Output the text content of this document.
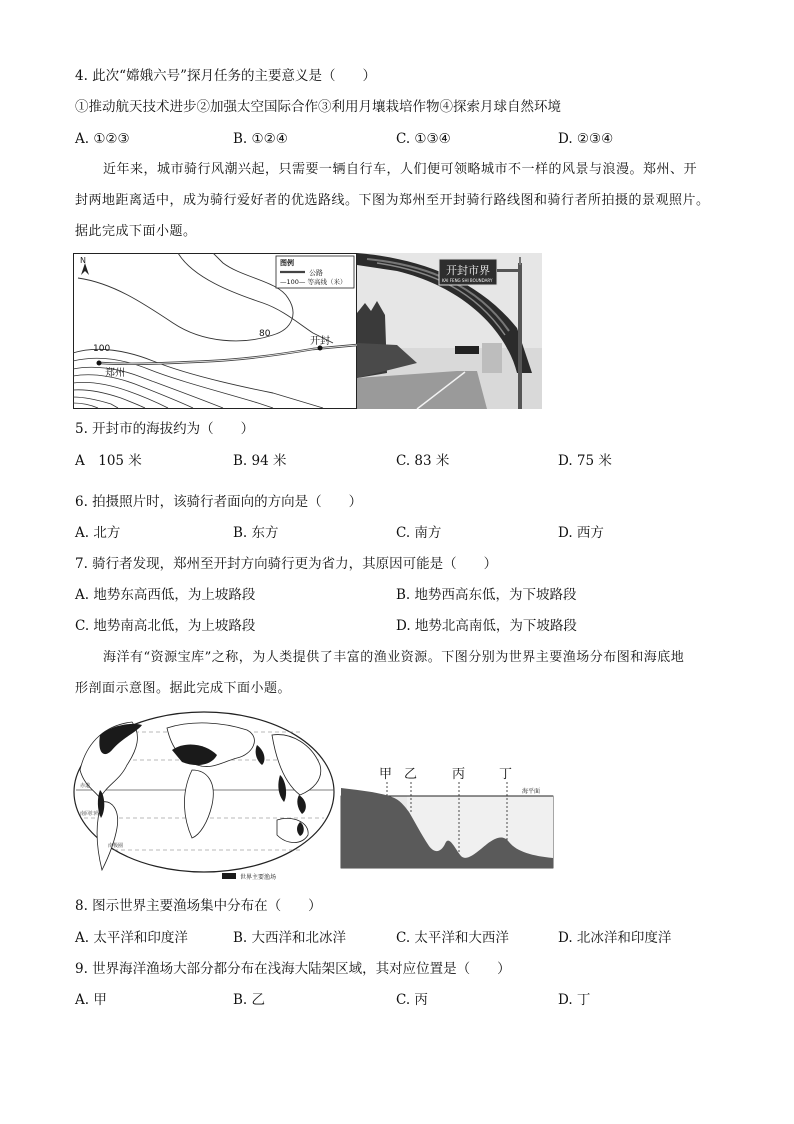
4. 此次“嫦娥六号”探月任务的主要意义是（　　）
①推动航天技术进步②加强太空国际合作③利用月壤栽培作物④探索月球自然环境
A. ①②③	B. ①②④	C. ①③④	D. ②③④
近年来，城市骑行风潮兴起，只需要一辆自行车，人们便可领略城市不一样的风景与浪漫。郑州、开
封两地距离适中，成为骑行爱好者的优选路线。下图为郑州至开封骑行路线图和骑行者所拍摄的景观照片。
据此完成下面小题。
N
郑州
开封
80
100
图例
公路
—100— 等高线（米）
开封市界
KAI FENG SHI BOUNDARY
5. 开封市的海拔约为（　　）
A　105 米	B. 94 米	C. 83 米	D. 75 米
6. 拍摄照片时，该骑行者面向的方向是（　　）
A. 北方	B. 东方	C. 南方	D. 西方
7. 骑行者发现，郑州至开封方向骑行更为省力，其原因可能是（　　）
A. 地势东高西低，为上坡路段	B. 地势西高东低，为下坡路段
C. 地势南高北低，为上坡路段	D. 地势北高南低，为下坡路段
海洋有“资源宝库”之称，为人类提供了丰富的渔业资源。下图分别为世界主要渔场分布图和海底地
形剖面示意图。据此完成下面小题。
赤道
南回归线
南极圈
世界主要渔场
海平面
甲 乙	丙	丁
8. 图示世界主要渔场集中分布在（　　）
A. 太平洋和印度洋	B. 大西洋和北冰洋	C. 太平洋和大西洋	D. 北冰洋和印度洋
9. 世界海洋渔场大部分都分布在浅海大陆架区域，其对应位置是（　　）
A. 甲	B. 乙	C. 丙	D. 丁
